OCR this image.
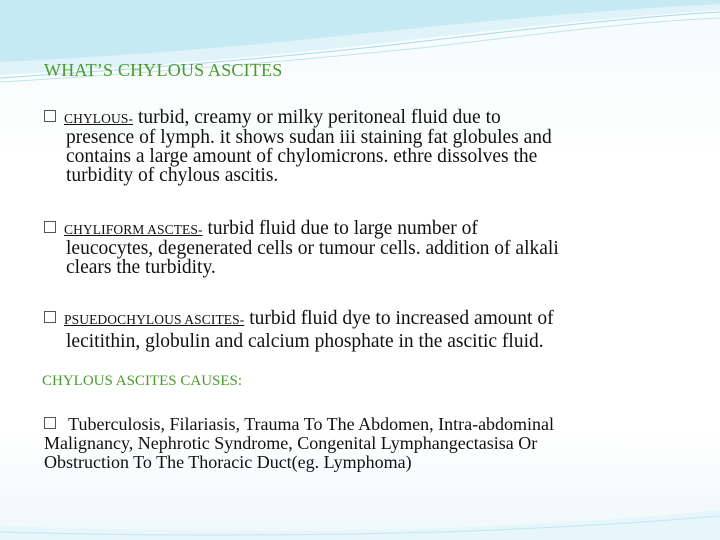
WHAT’S CHYLOUS ASCITES
CHYLOUS- turbid, creamy or milky peritoneal fluid due to
presence of lymph. it shows sudan iii staining fat globules and
contains a large amount of chylomicrons. ethre dissolves the
turbidity of chylous ascitis.
CHYLIFORM ASCTES- turbid fluid due to large number of
leucocytes, degenerated cells or tumour cells. addition of alkali
clears the turbidity.
PSUEDOCHYLOUS ASCITES- turbid fluid dye to increased amount of
lecitithin, globulin and calcium phosphate in the ascitic fluid.
CHYLOUS ASCITES CAUSES:
Tuberculosis, Filariasis, Trauma To The Abdomen, Intra-abdominal
Malignancy, Nephrotic Syndrome, Congenital Lymphangectasisa Or
Obstruction To The Thoracic Duct(eg. Lymphoma)
